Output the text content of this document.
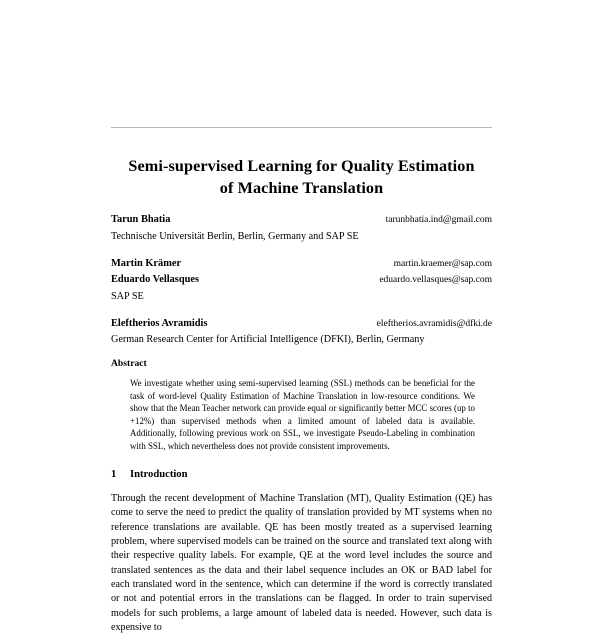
Semi-supervised Learning for Quality Estimation
of Machine Translation
Tarun Bhatia	tarunbhatia.ind@gmail.com
Technische Universität Berlin, Berlin, Germany and SAP SE
Martin Krämer	martin.kraemer@sap.com
Eduardo Vellasques	eduardo.vellasques@sap.com
SAP SE
Eleftherios Avramidis	eleftherios.avramidis@dfki.de
German Research Center for Artificial Intelligence (DFKI), Berlin, Germany
Abstract
We investigate whether using semi-supervised learning (SSL) methods can be beneficial for the task of word-level Quality Estimation of Machine Translation in low-resource conditions. We show that the Mean Teacher network can provide equal or significantly better MCC scores (up to +12%) than supervised methods when a limited amount of labeled data is available. Additionally, following previous work on SSL, we investigate Pseudo-Labeling in combination with SSL, which nevertheless does not provide consistent improvements.
1 Introduction
Through the recent development of Machine Translation (MT), Quality Estimation (QE) has come to serve the need to predict the quality of translation provided by MT systems when no reference translations are available. QE has been mostly treated as a supervised learning problem, where supervised models can be trained on the source and translated text along with their respective quality labels. For example, QE at the word level includes the source and translated sentences as the data and their label sequence includes an OK or BAD label for each translated word in the sentence, which can determine if the word is correctly translated or not and potential errors in the translations can be flagged. In order to train supervised models for such problems, a large amount of labeled data is needed. However, such data is expensive to
